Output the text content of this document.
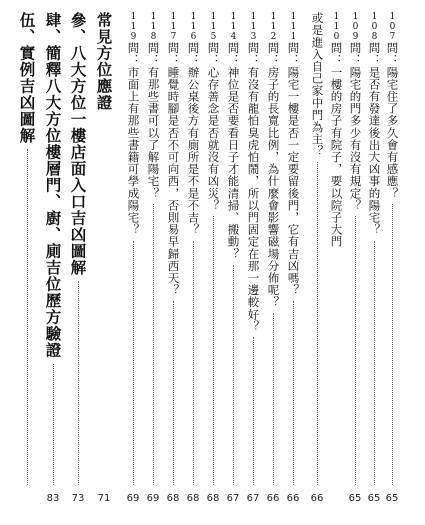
常見方位應證
參、八大方位一樓店面入口吉凶圖解
肆、簡釋八大方位樓層門、廚、廁吉位歷方驗證
伍、實例吉凶圖解	107問：陽宅住了多久會有感應？
108問：是否有發達後出大凶事的陽宅？
109問：陽宅的門多少有沒有規定？
110問：一樓的房子有院子，要以院子大門
或是進入自己家中門為主？
111問：陽宅一樓是否一定要留後門，它有吉凶嗎？
112問：房子的長寬比例，為什麼會影響磁場分佈呢？
113問：有沒有龍怕臭虎怕鬧，所以門固定在那一邊較好？
114問：神位是否要看日子才能清掃、搬動？
115問：心存善念是否就沒有凶災？
116問：辦公桌後方有廁所是不是不吉？
117問：睡覺時腳是否不可向西，否則易早歸西天？
118問：有那些書可以了解陽宅？
119問：市面上有那些書籍可學成陽宅？
71
73
83	65
65
65
66
66
66
67
67
68
68
68
69
69
